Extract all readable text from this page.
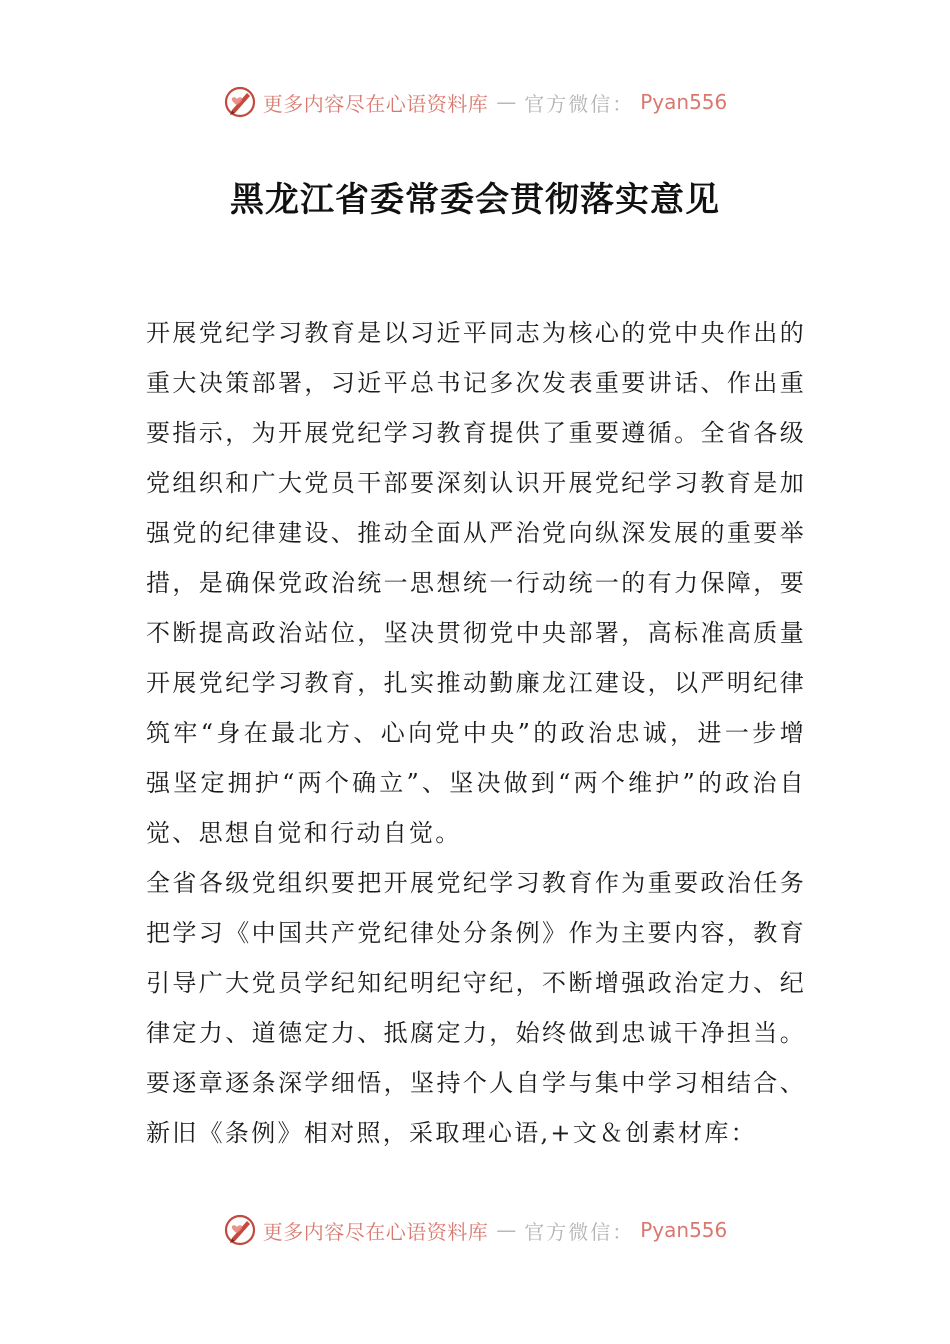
更多内容尽在心语资料库 — 官方微信： Pyan556
黑龙江省委常委会贯彻落实意见

开展党纪学习教育是以习近平同志为核心的党中央作出的重大决策部署，习近平总书记多次发表重要讲话、作出重要指示，为开展党纪学习教育提供了重要遵循。全省各级党组织和广大党员干部要深刻认识开展党纪学习教育是加强党的纪律建设、推动全面从严治党向纵深发展的重要举措，是确保党政治统一思想统一行动统一的有力保障，要不断提高政治站位，坚决贯彻党中央部署，高标准高质量开展党纪学习教育，扎实推动勤廉龙江建设，以严明纪律筑牢“身在最北方、心向党中央”的政治忠诚，进一步增强坚定拥护“两个确立”、坚决做到“两个维护”的政治自觉、思想自觉和行动自觉。

全省各级党组织要把开展党纪学习教育作为重要政治任务把学习《中国共产党纪律处分条例》作为主要内容，教育引导广大党员学纪知纪明纪守纪，不断增强政治定力、纪律定力、道德定力、抵腐定力，始终做到忠诚干净担当。要逐章逐条深学细悟，坚持个人自学与集中学习相结合、新旧《条例》相对照，采取理心语,+文＆创素材库：

更多内容尽在心语资料库 — 官方微信： Pyan556
